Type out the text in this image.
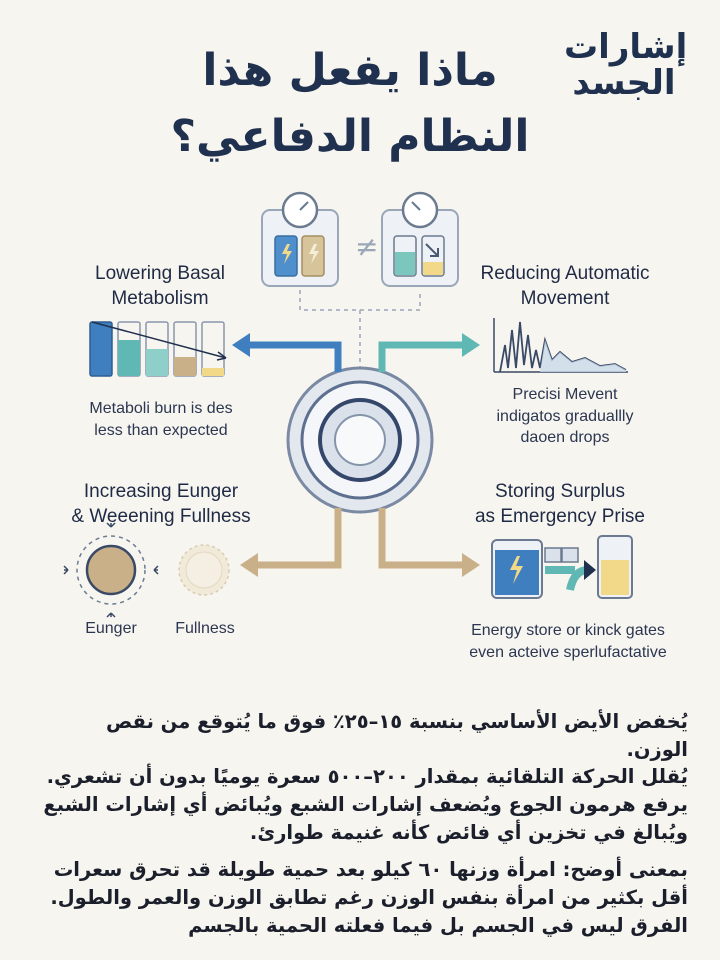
إشارات
الجسد
ماذا يفعل هذا
النظام الدفاعي؟
≠
Lowering Basal
Metabolism
Metaboli burn is des
less than expected
Reducing Automatic
Movement
Precisi Mevent
indigatos graduallly
daoen drops
Increasing Eunger
& Weeening Fullness
Eunger	Fullness
Storing Surplus
as Emergency Prise
Energy store or kinck gates
even acteive sperlufactative

يُخفض الأيض الأساسي بنسبة ١٥–٢٥٪ فوق ما يُتوقع من نقص الوزن.

يُقلل الحركة التلقائية بمقدار ٢٠٠–٥٠٠ سعرة يوميًا بدون أن تشعري.

يرفع هرمون الجوع ويُضعف إشارات الشبع ويُبائض أي إشارات الشبع

ويُبالغ في تخزين أي فائض كأنه غنيمة طوارئ.

بمعنى أوضح: امرأة وزنها ٦٠ كيلو بعد حمية طويلة قد تحرق سعرات

أقل بكثير من امرأة بنفس الوزن رغم تطابق الوزن والعمر والطول.

الفرق ليس في الجسم بل فيما فعلته الحمية بالجسم
